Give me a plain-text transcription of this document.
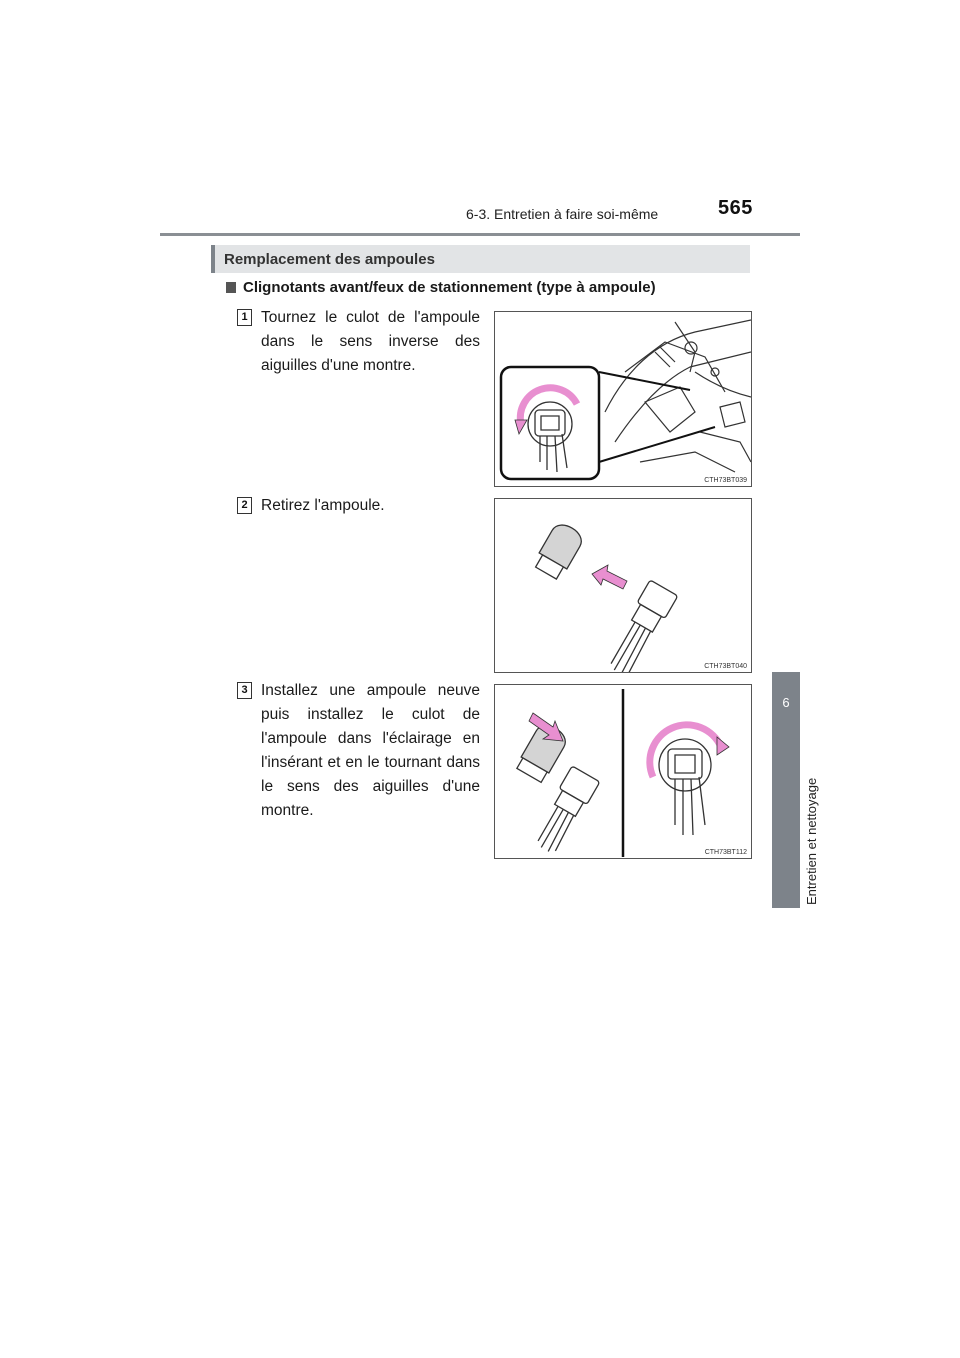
6-3. Entretien à faire soi-même	565
6
Entretien et nettoyage
Remplacement des ampoules
Clignotants avant/feux de stationnement (type à ampoule)
1 Tournez le culot de l'ampoule dans le sens inverse des aiguilles d'une montre.
CTH73BT039
2 Retirez l'ampoule.
CTH73BT040
3 Installez une ampoule neuve puis installez le culot de l'ampoule dans l'éclairage en l'insérant et en le tournant dans le sens des aiguilles d'une montre.
CTH73BT112
